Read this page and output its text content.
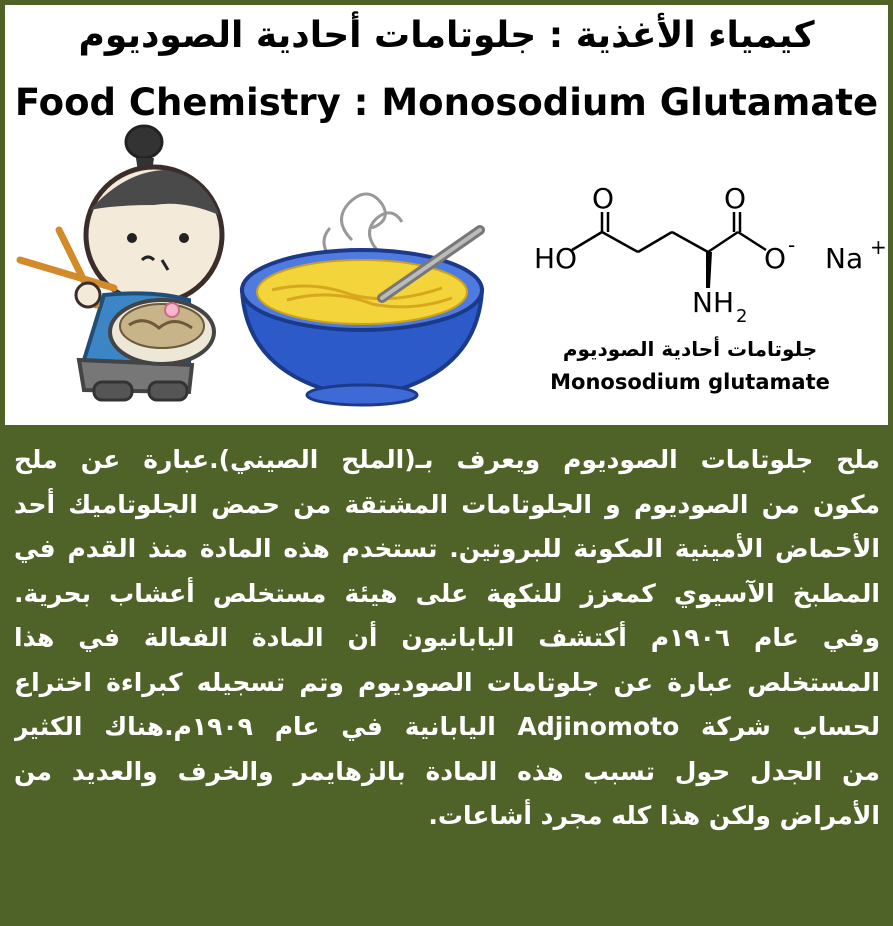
كيمياء الأغذية : جلوتامات أحادية الصوديوم
Food Chemistry : Monosodium Glutamate
HO
O	O
O -
NH 2
Na +
جلوتامات أحادية الصوديوم
Monosodium glutamate
ملح جلوتامات الصوديوم ويعرف بـ(الملح الصيني).عبارة عن ملح
مكون من الصوديوم و الجلوتامات المشتقة من حمض الجلوتاميك أحد
الأحماض الأمينية المكونة للبروتين. تستخدم هذه المادة منذ القدم في
المطبخ الآسيوي كمعزز للنكهة على هيئة مستخلص أعشاب بحرية.
وفي عام ١٩٠٦م أكتشف اليابانيون أن المادة الفعالة في هذا
المستخلص عبارة عن جلوتامات الصوديوم وتم تسجيله كبراءة اختراع
لحساب شركة Adjinomoto اليابانية في عام ١٩٠٩م.هناك الكثير
من الجدل حول تسبب هذه المادة بالزهايمر والخرف والعديد من
الأمراض ولكن هذا كله مجرد أشاعات.
